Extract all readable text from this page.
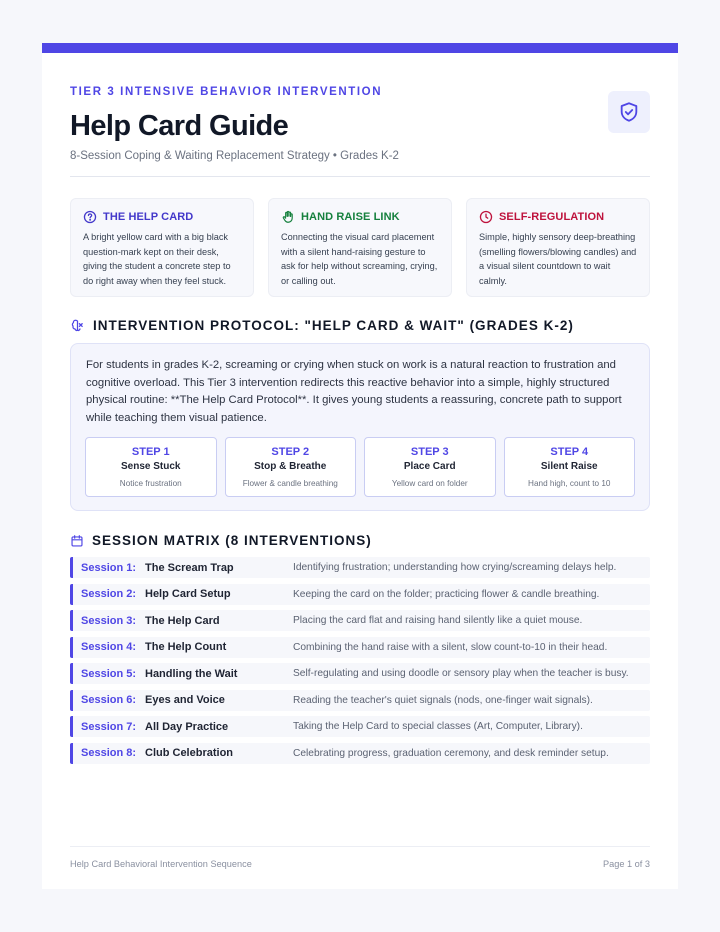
TIER 3 INTENSIVE BEHAVIOR INTERVENTION
Help Card Guide
8-Session Coping & Waiting Replacement Strategy • Grades K-2
THE HELP CARD
A bright yellow card with a big black question-mark kept on their desk, giving the student a concrete step to do right away when they feel stuck.
HAND RAISE LINK
Connecting the visual card placement with a silent hand-raising gesture to ask for help without screaming, crying, or calling out.
SELF-REGULATION
Simple, highly sensory deep-breathing (smelling flowers/blowing candles) and a visual silent countdown to wait calmly.
INTERVENTION PROTOCOL: "HELP CARD & WAIT" (GRADES K-2)
For students in grades K-2, screaming or crying when stuck on work is a natural reaction to frustration and cognitive overload. This Tier 3 intervention redirects this reactive behavior into a simple, highly structured physical routine: **The Help Card Protocol**. It gives young students a reassuring, concrete path to support while teaching them visual patience.
STEP 1
Sense Stuck
Notice frustration
STEP 2
Stop & Breathe
Flower & candle breathing
STEP 3
Place Card
Yellow card on folder
STEP 4
Silent Raise
Hand high, count to 10
SESSION MATRIX (8 INTERVENTIONS)
Session 1: The Scream Trap	Identifying frustration; understanding how crying/screaming delays help.
Session 2: Help Card Setup	Keeping the card on the folder; practicing flower & candle breathing.
Session 3: The Help Card	Placing the card flat and raising hand silently like a quiet mouse.
Session 4: The Help Count	Combining the hand raise with a silent, slow count-to-10 in their head.
Session 5: Handling the Wait	Self-regulating and using doodle or sensory play when the teacher is busy.
Session 6: Eyes and Voice	Reading the teacher's quiet signals (nods, one-finger wait signals).
Session 7: All Day Practice	Taking the Help Card to special classes (Art, Computer, Library).
Session 8: Club Celebration	Celebrating progress, graduation ceremony, and desk reminder setup.
Help Card Behavioral Intervention Sequence	Page 1 of 3
